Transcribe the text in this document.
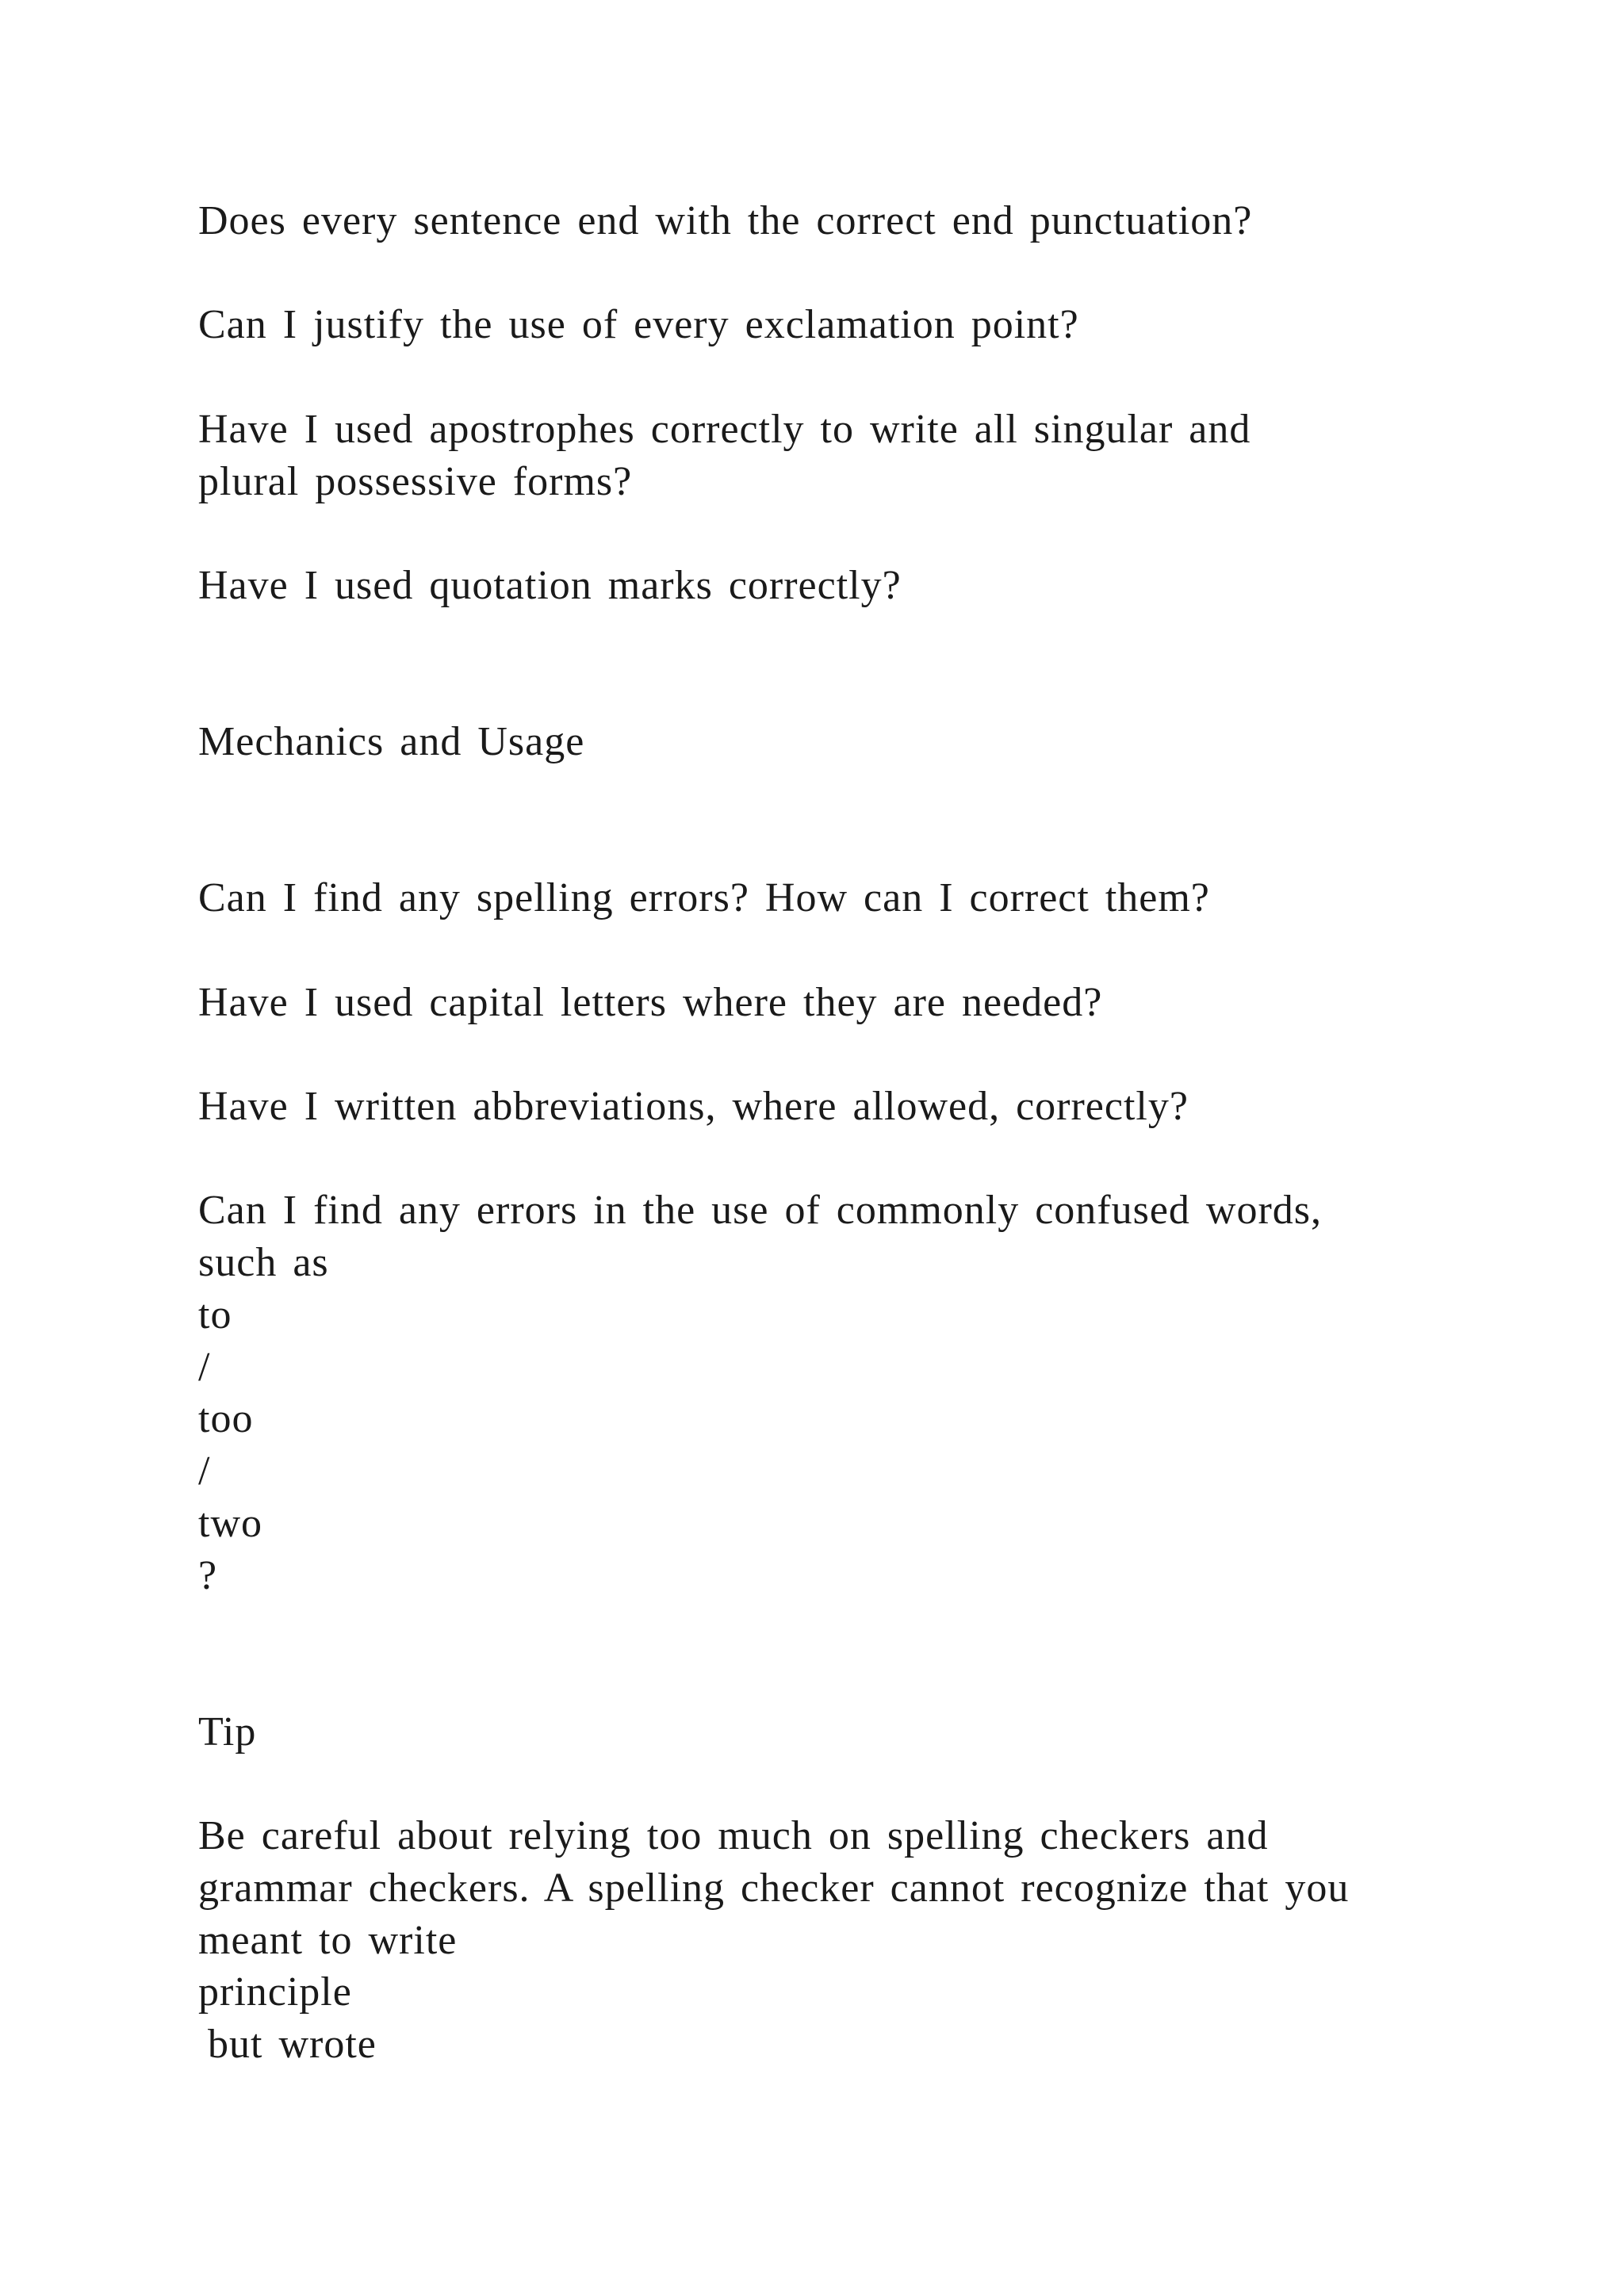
Does every sentence end with the correct end punctuation?
Can I justify the use of every exclamation point?
Have I used apostrophes correctly to write all singular and
plural possessive forms?
Have I used quotation marks correctly?
Mechanics and Usage
Can I find any spelling errors? How can I correct them?
Have I used capital letters where they are needed?
Have I written abbreviations, where allowed, correctly?
Can I find any errors in the use of commonly confused words,
such as
to
/
too
/
two
?
Tip
Be careful about relying too much on spelling checkers and
grammar checkers. A spelling checker cannot recognize that you
meant to write
principle
but wrote
